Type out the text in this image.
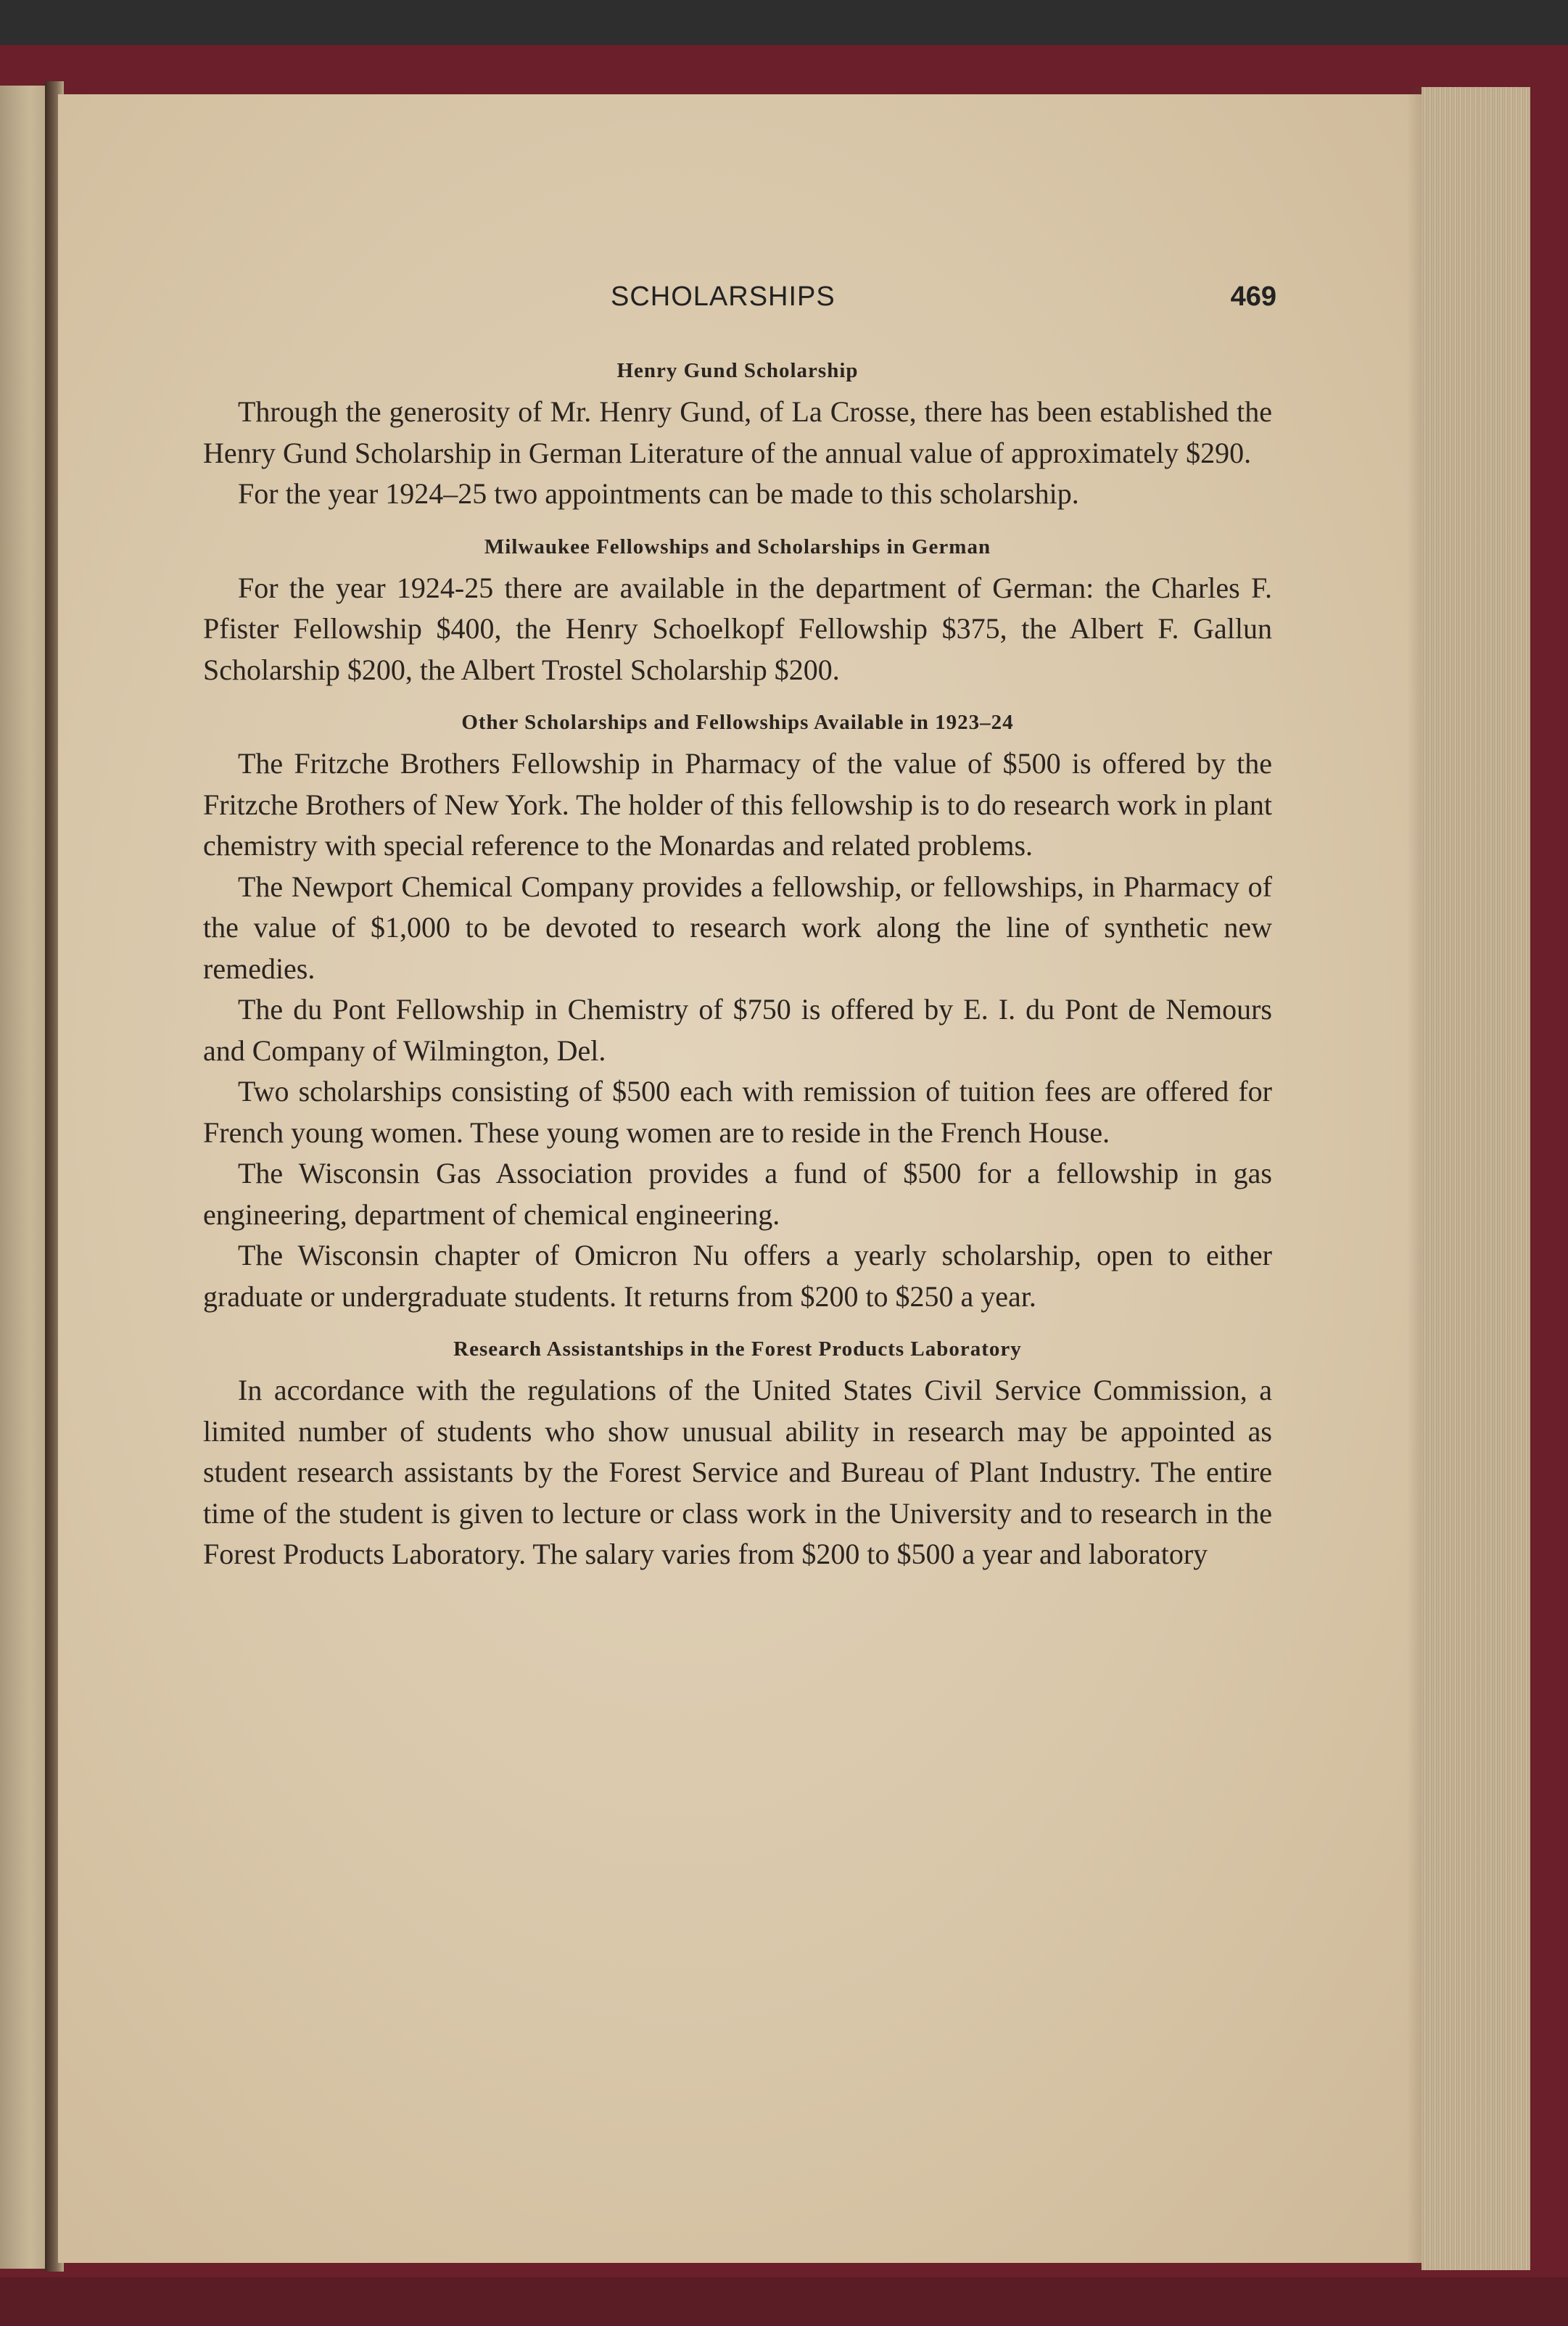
SCHOLARSHIPS	469
Henry Gund Scholarship

Through the generosity of Mr. Henry Gund, of La Crosse, there has been established the Henry Gund Scholarship in German Literature of the annual value of approximately $290.

For the year 1924–25 two appointments can be made to this scholarship.

Milwaukee Fellowships and Scholarships in German

For the year 1924-25 there are available in the department of German: the Charles F. Pfister Fellowship $400, the Henry Schoelkopf Fellowship $375, the Albert F. Gallun Scholarship $200, the Albert Trostel Scholarship $200.

Other Scholarships and Fellowships Available in 1923–24

The Fritzche Brothers Fellowship in Pharmacy of the value of $500 is offered by the Fritzche Brothers of New York. The holder of this fellowship is to do research work in plant chemistry with special reference to the Monardas and related problems.

The Newport Chemical Company provides a fellowship, or fellowships, in Pharmacy of the value of $1,000 to be devoted to research work along the line of synthetic new remedies.

The du Pont Fellowship in Chemistry of $750 is offered by E. I. du Pont de Nemours and Company of Wilmington, Del.

Two scholarships consisting of $500 each with remission of tuition fees are offered for French young women. These young women are to reside in the French House.

The Wisconsin Gas Association provides a fund of $500 for a fellowship in gas engineering, department of chemical engineering.

The Wisconsin chapter of Omicron Nu offers a yearly scholarship, open to either graduate or undergraduate students. It returns from $200 to $250 a year.

Research Assistantships in the Forest Products Laboratory

In accordance with the regulations of the United States Civil Service Commission, a limited number of students who show unusual ability in research may be appointed as student research assistants by the Forest Service and Bureau of Plant Industry. The entire time of the student is given to lecture or class work in the University and to research in the Forest Products Laboratory. The salary varies from $200 to $500 a year and laboratory
